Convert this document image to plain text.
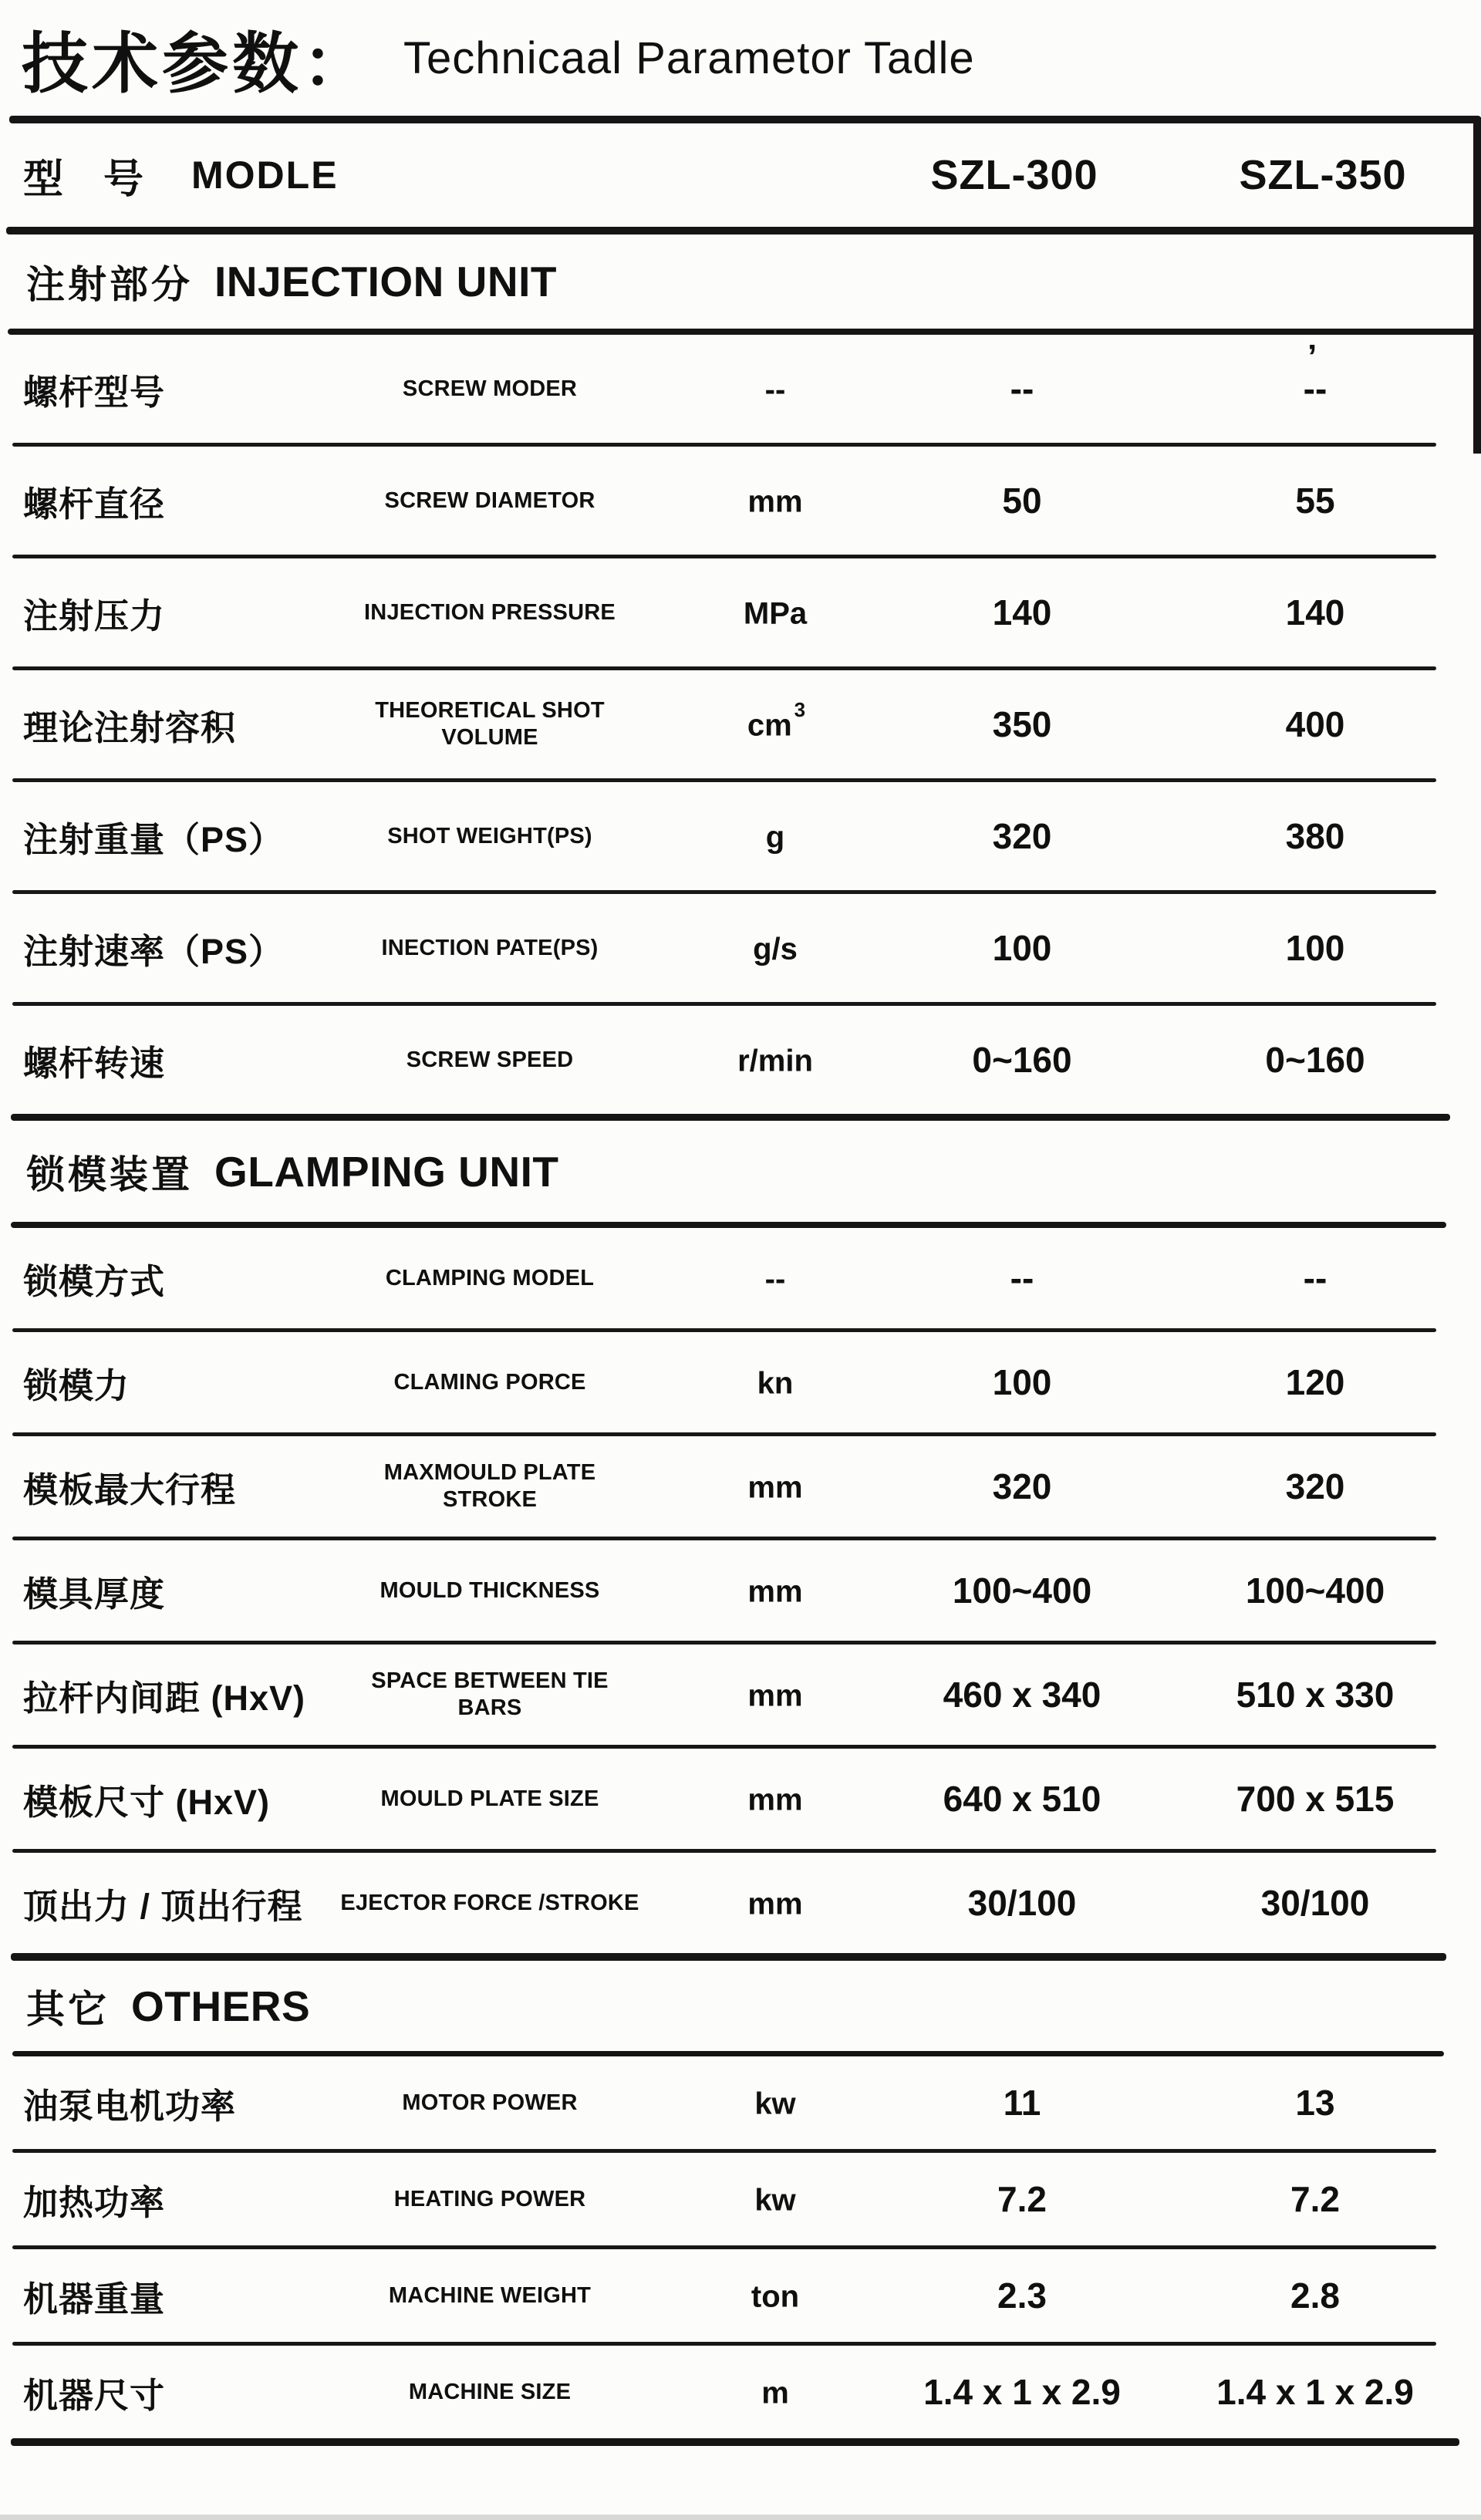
技术参数： Technicaal Parametor Tadle
型　号 MODLE	SZL-300	SZL-350
注射部分 INJECTION UNIT
螺杆型号	SCREW MODER	--	--	--
螺杆直径	SCREW DIAMETOR	mm	50	55
注射压力	INJECTION PRESSURE	MPa	140	140
理论注射容积	THEORETICAL SHOT
VOLUME	cm $^3$	350	400
注射重量（PS）	SHOT WEIGHT(PS)	g	320	380
注射速率（PS）	INECTION PATE(PS)	g/s	100	100
螺杆转速	SCREW SPEED	r/min	0~160	0~160
锁模装置 GLAMPING UNIT
锁模方式	CLAMPING MODEL	--	--	--
锁模力	CLAMING PORCE	kn	100	120
模板最大行程	MAXMOULD PLATE
STROKE	mm	320	320
模具厚度	MOULD THICKNESS	mm	100~400	100~400
拉杆内间距 (HxV)	SPACE BETWEEN TIE
BARS	mm	460 x 340	510 x 330
模板尺寸 (HxV)	MOULD PLATE SIZE	mm	640 x 510	700 x 515
顶出力 / 顶出行程	EJECTOR FORCE /STROKE	mm	30/100	30/100
其它 OTHERS
油泵电机功率	MOTOR POWER	kw	11	13
加热功率	HEATING POWER	kw	7.2	7.2
机器重量	MACHINE WEIGHT	ton	2.3	2.8
机器尺寸	MACHINE SIZE	m	1.4 x 1 x 2.9	1.4 x 1 x 2.9
’
